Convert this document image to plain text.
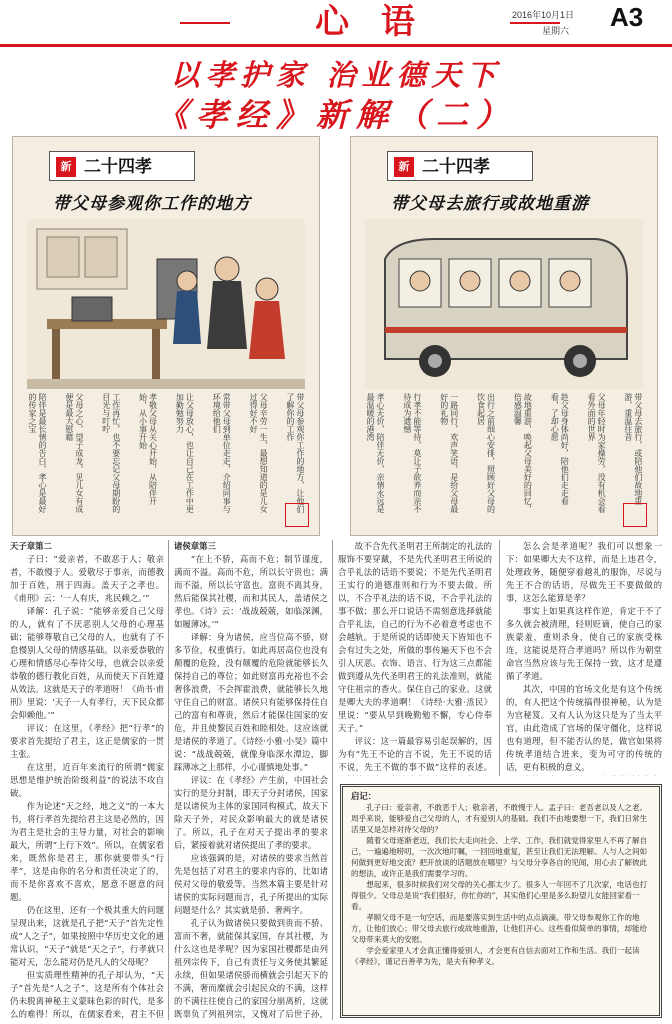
心 语	2016年10月1日
星期六 A3
以孝护家 治业德天下
《孝经》新解（二）
新 二十四孝
带父母参观你工作的地方
带父母参观你工作的地方，让他们了解你的工作
父母辛劳一生，最想知道的是儿女过得好不好
常带父母到单位走走，介绍同事与环境给他们
让父母放心，也让自己在工作中更加勤勉努力
孝敬父母从关心开始，从陪伴开始，从小事开始
工作再忙，也不要忘记父母期盼的目光与叮咛
父母之心，望子成龙，见儿女有成便是最大慰藉
陪伴是最长情的告白，孝心是最好的传家之宝
新 二十四孝
带父母去旅行或故地重游
带父母去旅行，或陪他们故地重游，重温往昔
父母年轻时为家操劳，没有机会看看外面的世界
趁父母身体尚好，陪他们走走看看，了却心愿
故地重游，唤起父母美好的回忆，倍感温馨
出行之前细心安排，照顾好父母的饮食起居
一路同行，欢声笑语，是给父母最好的礼物
行孝不能等待，莫让子欲养而亲不待成为遗憾
孝心无价，陪伴无价，亲情永远是最温暖的港湾

天子章第二

子曰：“爱亲者，不敢恶于人；敬亲者，不敢慢于人。爱敬尽于事亲，而德教加于百姓，刑于四海。盖天子之孝也。《甫刑》云：‘一人有庆，兆民赖之。’”

译解：孔子说：“能够亲爱自己父母的人，就有了不厌恶别人父母的心理基础；能够尊敬自己父母的人，也就有了不怠慢别人父母的情感基础。以亲爱恭敬的心理和情感尽心奉待父母，也就会以亲爱恭敬的德行教化百姓，从而使天下百姓遵从效法。这就是天子的孝道呀！《尚书·甫刑》里说：‘天子一人有孝行，天下民众都会仰赖他。’”

评议：在这里，《孝经》把“行孝”的要求首先提给了君主，这正是儒家的一贯主张。

在这里，近百年来流行的所谓“儒家思想是维护统治阶级利益”的说法不攻自破。

作为论述“天之经，地之义”的一本大书，将行孝首先提给君主这是必然的，因为君主是社会的主导力量，对社会的影响最大，所谓“上行下效”。所以，在儒家看来，既然你是君主，那你就要带头“行孝”，这是由你的名分和责任决定了的，而不是你喜欢不喜欢，愿意不愿意的问题。

仍在这里，还有一个极其重大的问题呈现出来，这就是孔子把“天子”首先定性成“人之子”，如果按照中华历史文化的通常认识，“天子”就是“天之子”，行孝就只能对天，怎么能对仍是凡人的父母呢？

但实质理性精神的孔子却认为，“天子”首先是“人之子”，这是所有个体社会仍未脱离神秘主义蒙昧色彩的时代，是多么的难得！所以，在儒家看来，君主不但

诸侯章第三

“在上不骄，高而不危；制节谨度，满而不溢。高而不危，所以长守贵也；满而不溢，所以长守富也。富贵不离其身，然后能保其社稷，而和其民人，盖诸侯之孝也。《诗》云：‘战战兢兢，如临深渊，如履薄冰。’”

译解：身为诸侯，应当位高不骄，财多节俭，权重慎行。如此再居高位也没有颠覆的危险，没有颠覆的危险就能够长久保持自己的尊位；如此财富再充裕也不会奢侈浪费，不会挥霍浪费，就能够长久地守住自己的财富。诸侯只有能够保持住自己的富有和尊贵，然后才能保住国家的安危，并且使黎民百姓和睦相处。这应该就是诸侯的孝道了。《诗经·小雅·小旻》篇中说：“战战兢兢，就像身临深水潭边，脚踩薄冰之上那样，小心谨慎地处事。”

评议：在《孝经》产生前，中国社会实行的是分封制，即天子分封诸侯，国家是以诸侯为主体的家国同构模式，故天下除天子外，对民众影响最大的就是诸侯了。所以，孔子在对天子提出孝的要求后，紧接着就对诸侯提出了孝的要求。

应该强调的是，对诸侯的要求当然首先是包括了对君主的要求内容的，比如诸侯对父母的敬爱等。当然本篇主要是针对诸侯的实际问题而言，孔子所提出的实际问题是什么？其实就是骄、奢两字。

孔子认为做诸侯只要做到贵而不骄、富而不奢，就能保其家国，存其社稷，为什么这也是孝呢？因为家国社稷都是由列祖列宗传下，自己有责任与义务使其繁延永续，但如果诸侯骄而横就会引起天下的不满，奢而糜就会引起民众的不满，这样的不满往往使自己的家国分崩离析，这就既辜负了列祖列宗，又愧对了后世子孙，

故不合先代圣明君王所制定的礼法的服饰不要穿戴，不是先代圣明君王所说的合乎礼法的话语不要说；不是先代圣明君王实行的道德准则和行为不要去做。所以，不合乎礼法的话不说，不合乎礼法的事不做；那么开口说话不需刻意选择就能合乎礼法，自己的行为不必着意考虑也不会越轨。于是所说的话即使天下皆知也不会有过失之处，所做的事传遍天下也不会引人厌恶。衣饰、语言、行为这三点都能做到遵从先代圣明君王的礼法准则，就能守住祖宗的香火。保住自己的家业。这就是卿大夫的孝道啊！《诗经·大雅·烝民》里说：“要从早到晚勤勉不懈，专心侍奉天子。”

评议：这一篇最容易引起误解的，因为有“先王不论的言不说，先王不说的话不说，先王不做的事不做”这样的表述。

怎么会是孝道呢？我们可以想象一下：如果卿大夫不这样，而是上违君令，处理政务，随便穿着越礼的服饰，尽说与先王不合的话语，尽做先王不要做做的事，这怎么能算是孝？

事实上如果真这样作逆，肯定干不了多久就会被清理，轻则贬谪，使自己的家族蒙羞，重则杀身，使自己的家族受株连，这能说是符合孝道吗？所以作为朝堂命官当然应该与先王保持一致，这才是遵循了孝道。

其次，中国的官场文化是有这个传统的，有人把这个传统搞得很神秘，认为是为官秘笈。又有人认为这只是为了当太平官，由此造成了官场的保守僵化，这样说也有道理，但不能否认的是，做官如果将传统孝道结合进来，变为可守的传统的话，更有积极的意义。

启记：

孔子曰：爱亲者，不敢恶于人；敬亲者，不敢慢于人。孟子曰：老吾老以及人之老。周乎来说，能够爱自己父母的人，才有爱别人的基础。我们不由地要想一下，我们日常生活里又是怎样对待父母的？

随着父母逐渐老迈，我们长大走向社会、上学、工作，我们就觉得家里人不再了解自己，一遍遍地唠叨，一次次地叮嘱，一回回地重复，甚至让我们无法理解。人与人之间如何做到更好地交流？把开放谈的话题放在哪里？与父母分享各自的见闻，用心去了解彼此的想法，或许正是我们需要学习的。

想起来，很多时候我们对父母的关心都太少了。很多人一年回不了几次家，电话也打得很少。父母总是说“我们很好，你忙你的”，其实他们心里是多么盼望儿女能回家看一看。

孝顺父母不是一句空话，而是要落实到生活中的点点滴滴。带父母参观你工作的地方，让他们放心；带父母去旅行或故地重游，让他们开心。这些看似简单的事情，却能给父母带来莫大的安慰。

学会爱家里人才会真正懂得爱别人，才会更有自信去面对工作和生活。我们一起读《孝经》，谨记百善孝为先，是夫有种孝义。
